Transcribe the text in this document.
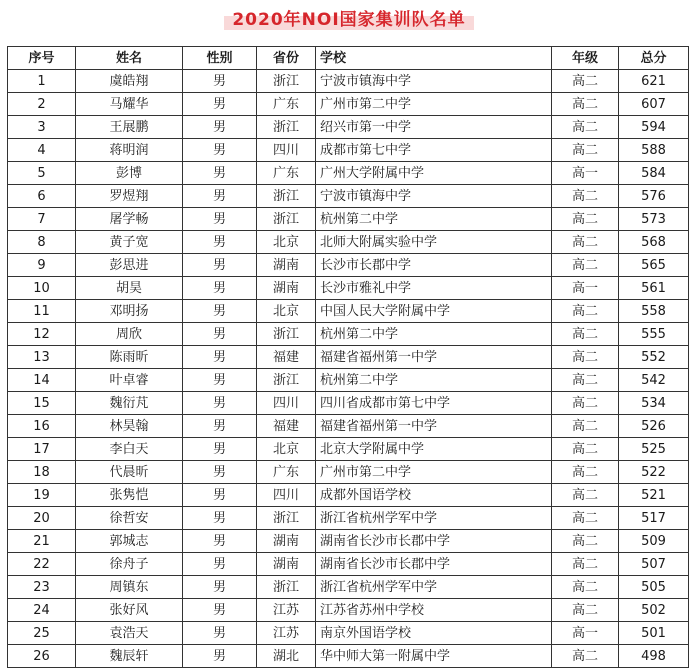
2020年NOI国家集训队名单
序号	姓名	性别	省份	学校	年级	总分
1	虞皓翔	男	浙江	宁波市镇海中学	高二	621
2	马耀华	男	广东	广州市第二中学	高二	607
3	王展鹏	男	浙江	绍兴市第一中学	高二	594
4	蒋明润	男	四川	成都市第七中学	高二	588
5	彭博	男	广东	广州大学附属中学	高一	584
6	罗煜翔	男	浙江	宁波市镇海中学	高二	576
7	屠学畅	男	浙江	杭州第二中学	高二	573
8	黄子宽	男	北京	北师大附属实验中学	高二	568
9	彭思进	男	湖南	长沙市长郡中学	高二	565
10	胡昊	男	湖南	长沙市雅礼中学	高一	561
11	邓明扬	男	北京	中国人民大学附属中学	高二	558
12	周欣	男	浙江	杭州第二中学	高二	555
13	陈雨昕	男	福建	福建省福州第一中学	高二	552
14	叶卓睿	男	浙江	杭州第二中学	高二	542
15	魏衍芃	男	四川	四川省成都市第七中学	高二	534
16	林昊翰	男	福建	福建省福州第一中学	高二	526
17	李白天	男	北京	北京大学附属中学	高二	525
18	代晨昕	男	广东	广州市第二中学	高二	522
19	张隽恺	男	四川	成都外国语学校	高二	521
20	徐哲安	男	浙江	浙江省杭州学军中学	高二	517
21	郭城志	男	湖南	湖南省长沙市长郡中学	高二	509
22	徐舟子	男	湖南	湖南省长沙市长郡中学	高二	507
23	周镇东	男	浙江	浙江省杭州学军中学	高二	505
24	张好风	男	江苏	江苏省苏州中学校	高二	502
25	袁浩天	男	江苏	南京外国语学校	高一	501
26	魏辰轩	男	湖北	华中师大第一附属中学	高二	498
